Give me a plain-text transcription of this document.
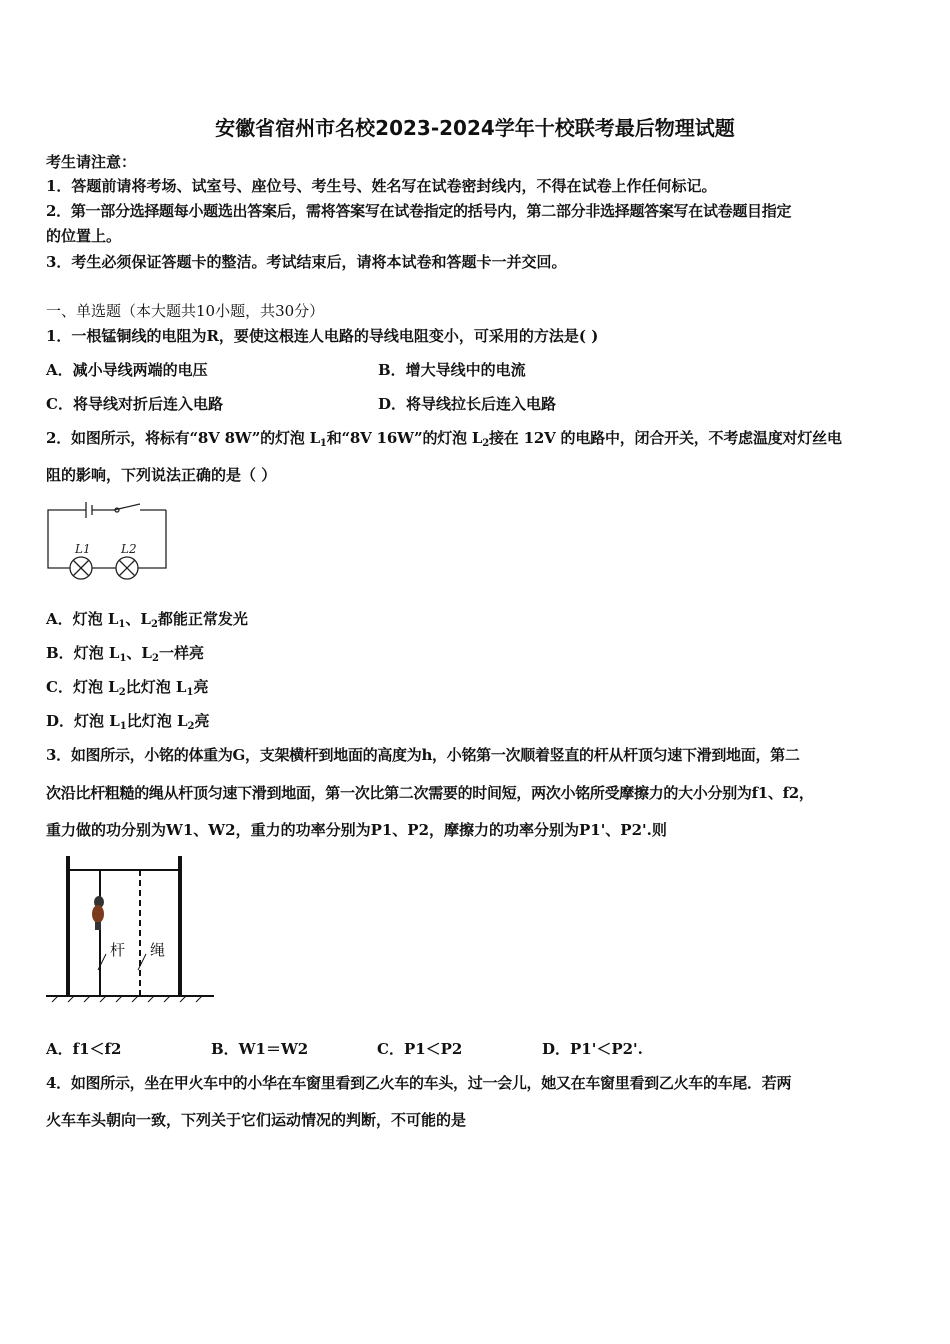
安徽省宿州市名校2023-2024学年十校联考最后物理试题
考生请注意：
1．答题前请将考场、试室号、座位号、考生号、姓名写在试卷密封线内，不得在试卷上作任何标记。
2．第一部分选择题每小题选出答案后，需将答案写在试卷指定的括号内，第二部分非选择题答案写在试卷题目指定
的位置上。
3．考生必须保证答题卡的整洁。考试结束后，请将本试卷和答题卡一并交回。
一、单选题（本大题共10小题，共30分）
1．一根锰铜线的电阻为R，要使这根连人电路的导线电阻变小，可采用的方法是( )
A．减小导线两端的电压	B．增大导线中的电流
C．将导线对折后连入电路	D．将导线拉长后连入电路
2．如图所示，将标有“8V 8W”的灯泡 $L_1$和“8V 16W”的灯泡 $L_2$接在 12V 的电路中，闭合开关，不考虑温度对灯丝电
阻的影响，下列说法正确的是（ ）
L1	L2
A．灯泡 $L_1$、$L_2$都能正常发光
B．灯泡 $L_1$、$L_2$一样亮
C．灯泡 $L_2$比灯泡 $L_1$亮
D．灯泡 $L_1$比灯泡 $L_2$亮
3．如图所示，小铭的体重为G，支架横杆到地面的高度为h，小铭第一次顺着竖直的杆从杆顶匀速下滑到地面，第二
次沿比杆粗糙的绳从杆顶匀速下滑到地面，第一次比第二次需要的时间短，两次小铭所受摩擦力的大小分别为f1、f2，
重力做的功分别为W1、W2，重力的功率分别为P1、P2，摩擦力的功率分别为P1'、P2'.则
杆 绳
A．f1＜f2	B．W1＝W2	C．P1＜P2	D．P1'＜P2'.
4．如图所示，坐在甲火车中的小华在车窗里看到乙火车的车头，过一会儿，她又在车窗里看到乙火车的车尾．若两
火车车头朝向一致，下列关于它们运动情况的判断，不可能的是
